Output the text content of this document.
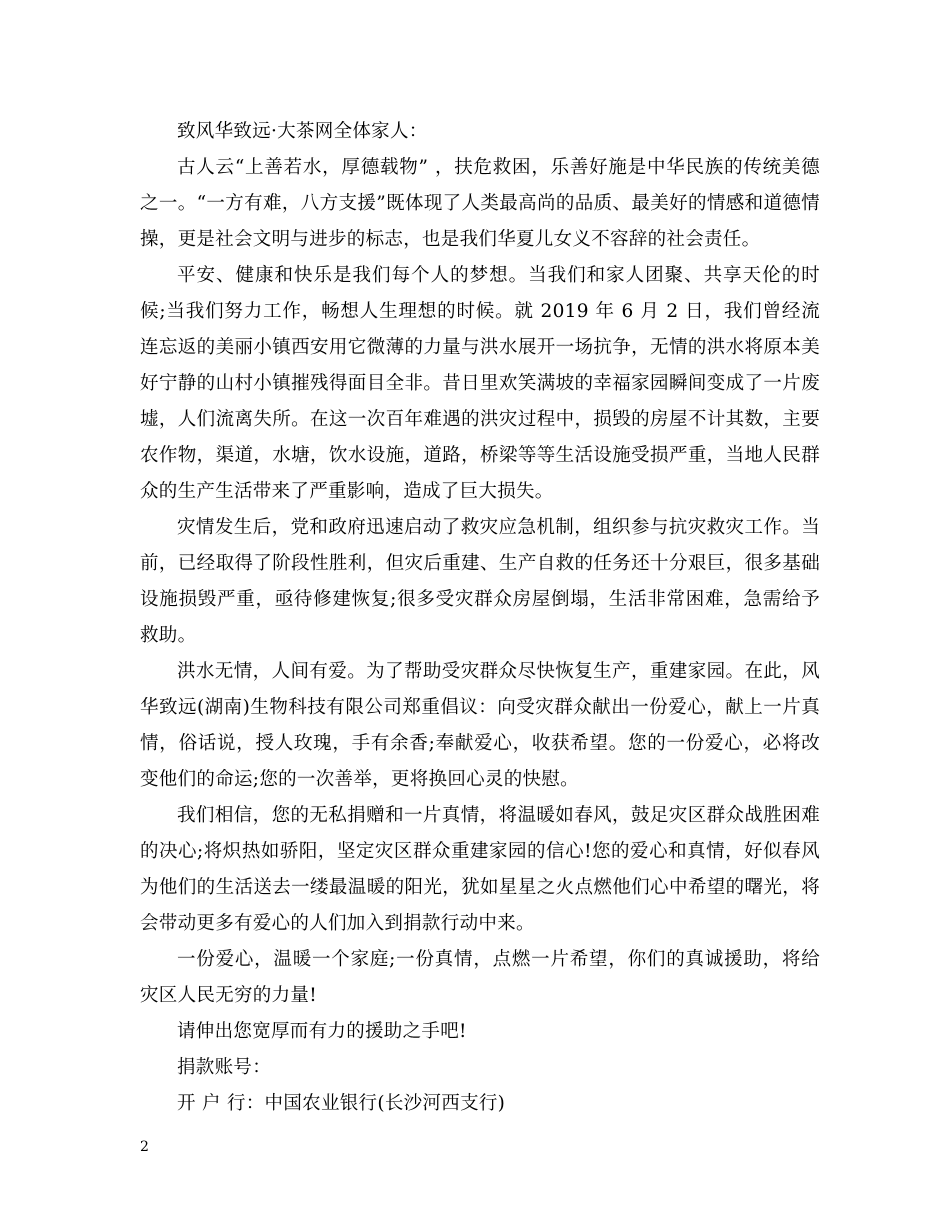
致风华致远·大茶网全体家人：

古人云“上善若水，厚德载物” ，扶危救困，乐善好施是中华民族的传统美德之一。“一方有难，八方支援”既体现了人类最高尚的品质、最美好的情感和道德情操，更是社会文明与进步的标志，也是我们华夏儿女义不容辞的社会责任。

平安、健康和快乐是我们每个人的梦想。当我们和家人团聚、共享天伦的时候;当我们努力工作，畅想人生理想的时候。就 2019 年 6 月 2 日，我们曾经流连忘返的美丽小镇西安用它微薄的力量与洪水展开一场抗争，无情的洪水将原本美好宁静的山村小镇摧残得面目全非。昔日里欢笑满坡的幸福家园瞬间变成了一片废墟，人们流离失所。在这一次百年难遇的洪灾过程中，损毁的房屋不计其数，主要农作物，渠道，水塘，饮水设施，道路，桥梁等等生活设施受损严重，当地人民群众的生产生活带来了严重影响，造成了巨大损失。

灾情发生后，党和政府迅速启动了救灾应急机制，组织参与抗灾救灾工作。当前，已经取得了阶段性胜利，但灾后重建、生产自救的任务还十分艰巨，很多基础设施损毁严重，亟待修建恢复;很多受灾群众房屋倒塌，生活非常困难，急需给予救助。

洪水无情，人间有爱。为了帮助受灾群众尽快恢复生产，重建家园。在此，风华致远(湖南)生物科技有限公司郑重倡议：向受灾群众献出一份爱心，献上一片真情，俗话说，授人玫瑰，手有余香;奉献爱心，收获希望。您的一份爱心，必将改变他们的命运;您的一次善举，更将换回心灵的快慰。

我们相信，您的无私捐赠和一片真情，将温暖如春风，鼓足灾区群众战胜困难的决心;将炽热如骄阳，坚定灾区群众重建家园的信心!您的爱心和真情，好似春风为他们的生活送去一缕最温暖的阳光，犹如星星之火点燃他们心中希望的曙光，将会带动更多有爱心的人们加入到捐款行动中来。

一份爱心，温暖一个家庭;一份真情，点燃一片希望，你们的真诚援助，将给灾区人民无穷的力量!

请伸出您宽厚而有力的援助之手吧!

捐款账号：

开 户 行：中国农业银行(长沙河西支行)

2
